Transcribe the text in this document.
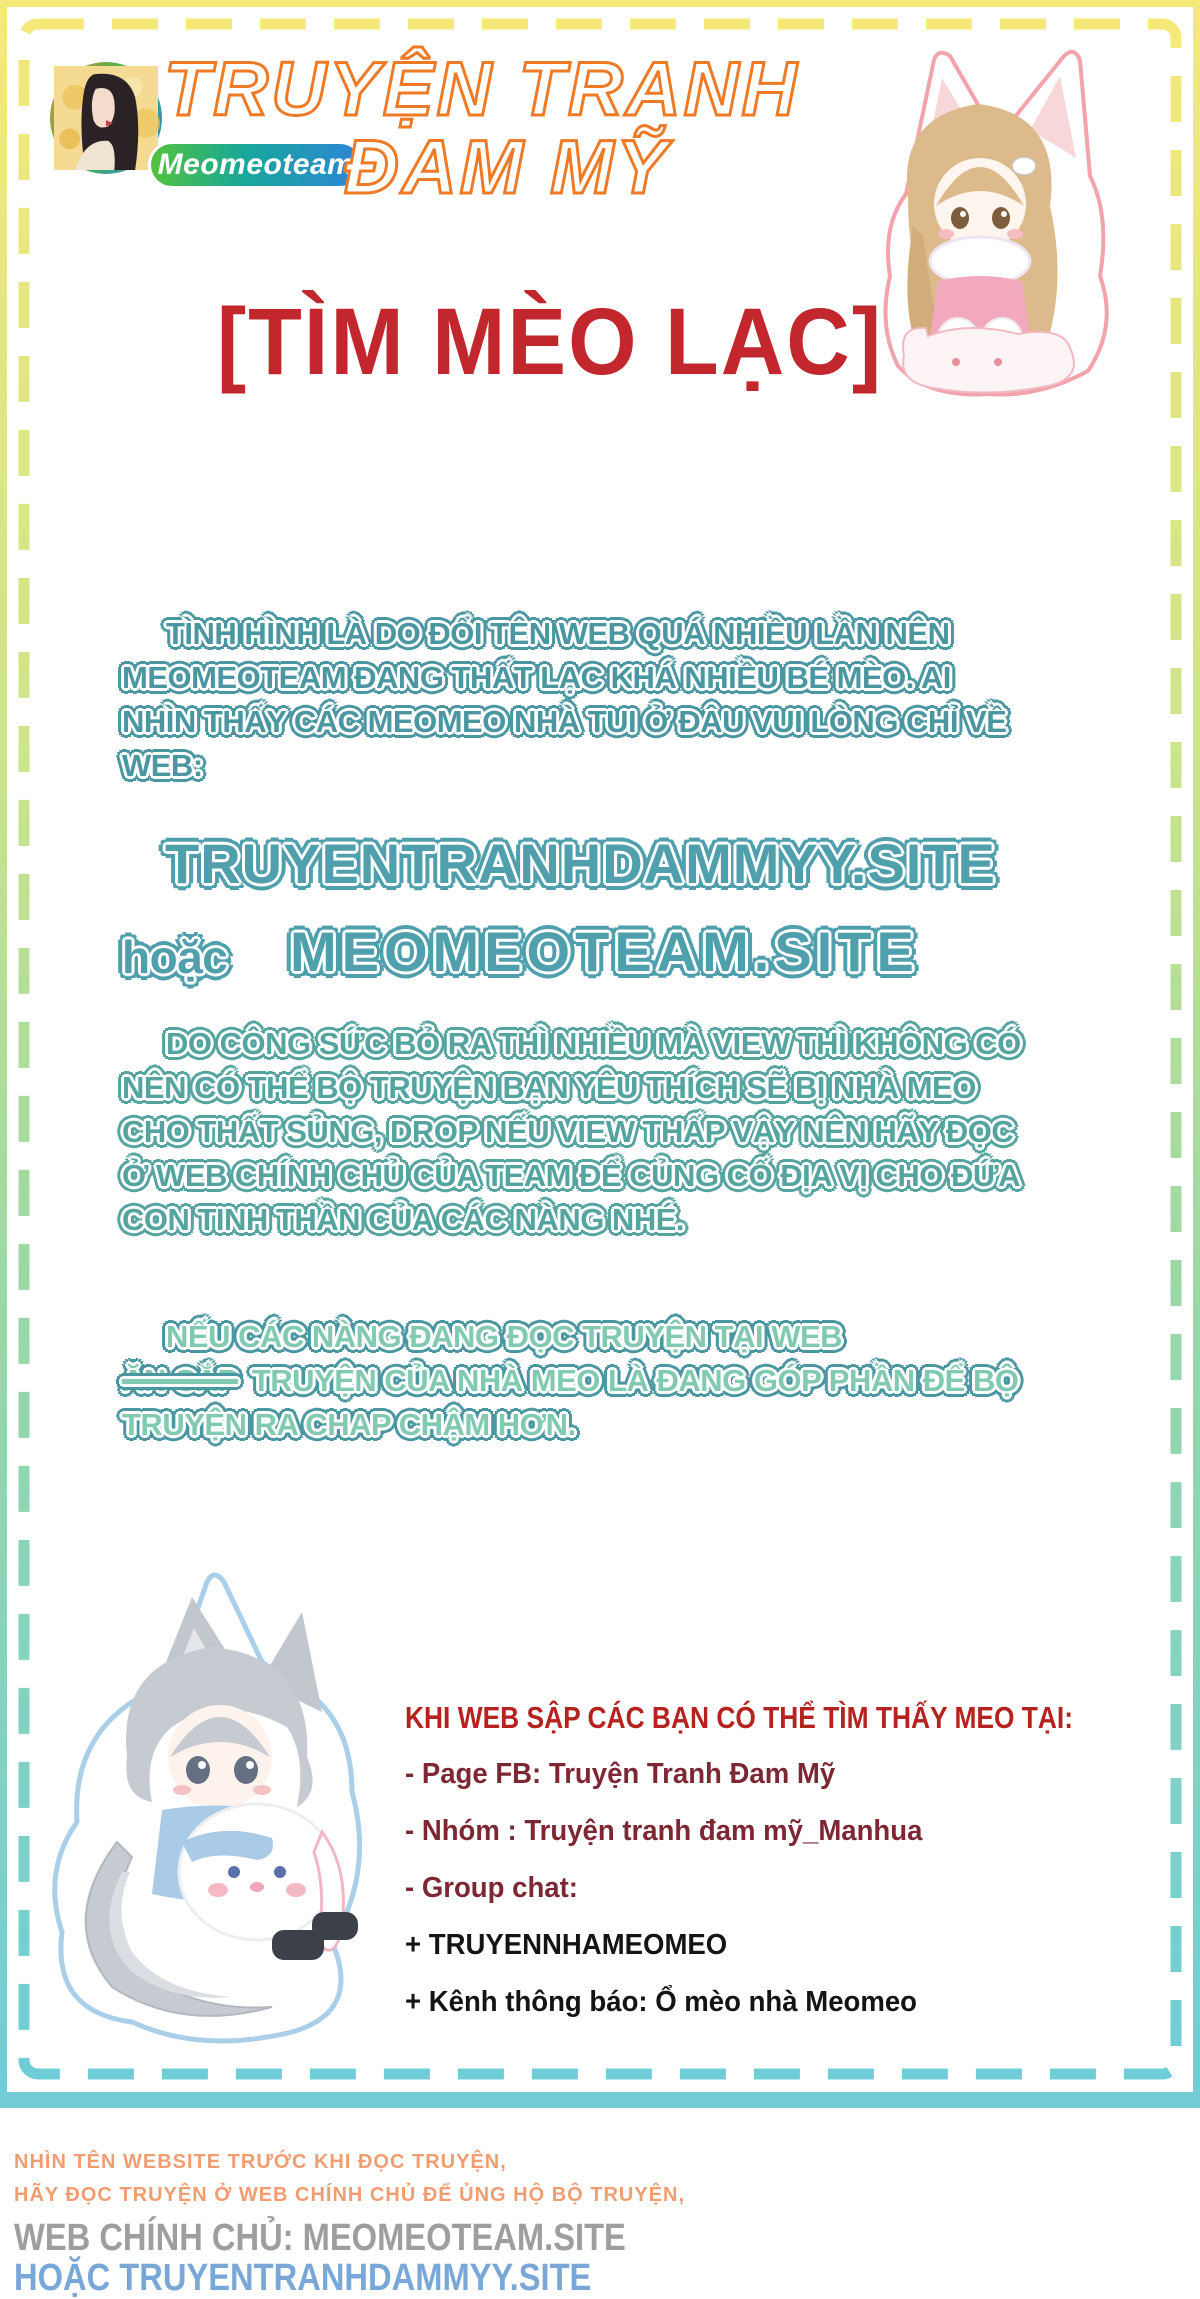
Meomeoteam
TRUYỆN TRANH
ĐAM MỸ
[TÌM MÈO LẠC]
TÌNH HÌNH LÀ DO ĐỔI TÊN WEB QUÁ NHIỀU LẦN NÊN
MEOMEOTEAM ĐANG THẤT LẠC KHÁ NHIỀU BÉ MÈO. AI
NHÌN THẤY CÁC MEOMEO NHÀ TUI Ở ĐÂU VUI LÒNG CHỈ VỀ
WEB:
TRUYENTRANHDAMMYY.SITE
hoặc MEOMEOTEAM.SITE
DO CÔNG SỨC BỎ RA THÌ NHIỀU MÀ VIEW THÌ KHÔNG CÓ
NÊN CÓ THỂ BỘ TRUYỆN BẠN YÊU THÍCH SẼ BỊ NHÀ MEO
CHO THẤT SỦNG, DROP NẾU VIEW THẤP VẬY NÊN HÃY ĐỌC
Ở WEB CHÍNH CHỦ CỦA TEAM ĐỂ CỦNG CỐ ĐỊA VỊ CHO ĐỨA
CON TINH THẦN CỦA CÁC NÀNG NHÉ.
NẾU CÁC NÀNG ĐANG ĐỌC TRUYỆN TẠI WEB
ĂN CẮP TRUYỆN CỦA NHÀ MEO LÀ ĐANG GÓP PHẦN ĐỂ BỘ
TRUYỆN RA CHAP CHẬM HƠN.
KHI WEB SẬP CÁC BẠN CÓ THỂ TÌM THẤY MEO TẠI:
- Page FB: Truyện Tranh Đam Mỹ
- Nhóm : Truyện tranh đam mỹ_Manhua
- Group chat:
+ TRUYENNHAMEOMEO
+ Kênh thông báo: Ổ mèo nhà Meomeo
NHÌN TÊN WEBSITE TRƯỚC KHI ĐỌC TRUYỆN,
HÃY ĐỌC TRUYỆN Ở WEB CHÍNH CHỦ ĐỂ ỦNG HỘ BỘ TRUYỆN,
WEB CHÍNH CHỦ: MEOMEOTEAM.SITE
HOẶC TRUYENTRANHDAMMYY.SITE
